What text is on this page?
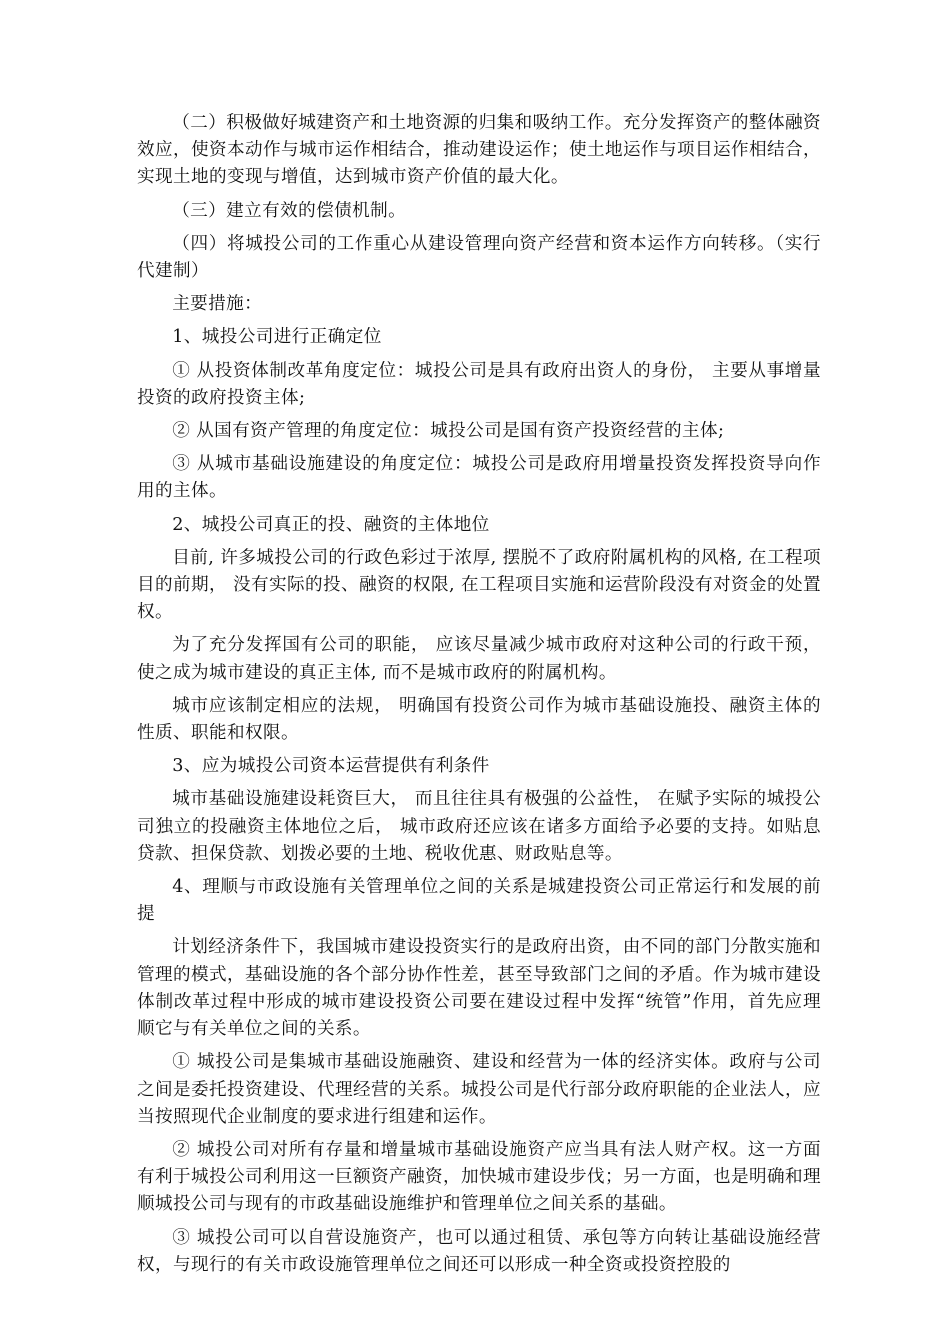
（二）积极做好城建资产和土地资源的归集和吸纳工作。充分发挥资产的整体融资效应，使资本动作与城市运作相结合，推动建设运作；使土地运作与项目运作相结合，实现土地的变现与增值，达到城市资产价值的最大化。

（三）建立有效的偿债机制。

（四）将城投公司的工作重心从建设管理向资产经营和资本运作方向转移。（实行代建制）

主要措施：

1、城投公司进行正确定位

① 从投资体制改革角度定位：城投公司是具有政府出资人的身份， 主要从事增量投资的政府投资主体;

② 从国有资产管理的角度定位：城投公司是国有资产投资经营的主体;

③ 从城市基础设施建设的角度定位：城投公司是政府用增量投资发挥投资导向作用的主体。

2、城投公司真正的投、融资的主体地位

目前, 许多城投公司的行政色彩过于浓厚, 摆脱不了政府附属机构的风格, 在工程项目的前期， 没有实际的投、融资的权限, 在工程项目实施和运营阶段没有对资金的处置权。

为了充分发挥国有公司的职能， 应该尽量减少城市政府对这种公司的行政干预， 使之成为城市建设的真正主体, 而不是城市政府的附属机构。

城市应该制定相应的法规， 明确国有投资公司作为城市基础设施投、融资主体的性质、职能和权限。

3、应为城投公司资本运营提供有利条件

城市基础设施建设耗资巨大， 而且往往具有极强的公益性， 在赋予实际的城投公司独立的投融资主体地位之后， 城市政府还应该在诸多方面给予必要的支持。如贴息贷款、担保贷款、划拨必要的土地、税收优惠、财政贴息等。

4、理顺与市政设施有关管理单位之间的关系是城建投资公司正常运行和发展的前提

计划经济条件下，我国城市建设投资实行的是政府出资，由不同的部门分散实施和管理的模式，基础设施的各个部分协作性差，甚至导致部门之间的矛盾。作为城市建设体制改革过程中形成的城市建设投资公司要在建设过程中发挥“统管”作用，首先应理顺它与有关单位之间的关系。

① 城投公司是集城市基础设施融资、建设和经营为一体的经济实体。政府与公司之间是委托投资建设、代理经营的关系。城投公司是代行部分政府职能的企业法人，应当按照现代企业制度的要求进行组建和运作。

② 城投公司对所有存量和增量城市基础设施资产应当具有法人财产权。这一方面有利于城投公司利用这一巨额资产融资，加快城市建设步伐；另一方面，也是明确和理顺城投公司与现有的市政基础设施维护和管理单位之间关系的基础。

③ 城投公司可以自营设施资产，也可以通过租赁、承包等方向转让基础设施经营权，与现行的有关市政设施管理单位之间还可以形成一种全资或投资控股的
